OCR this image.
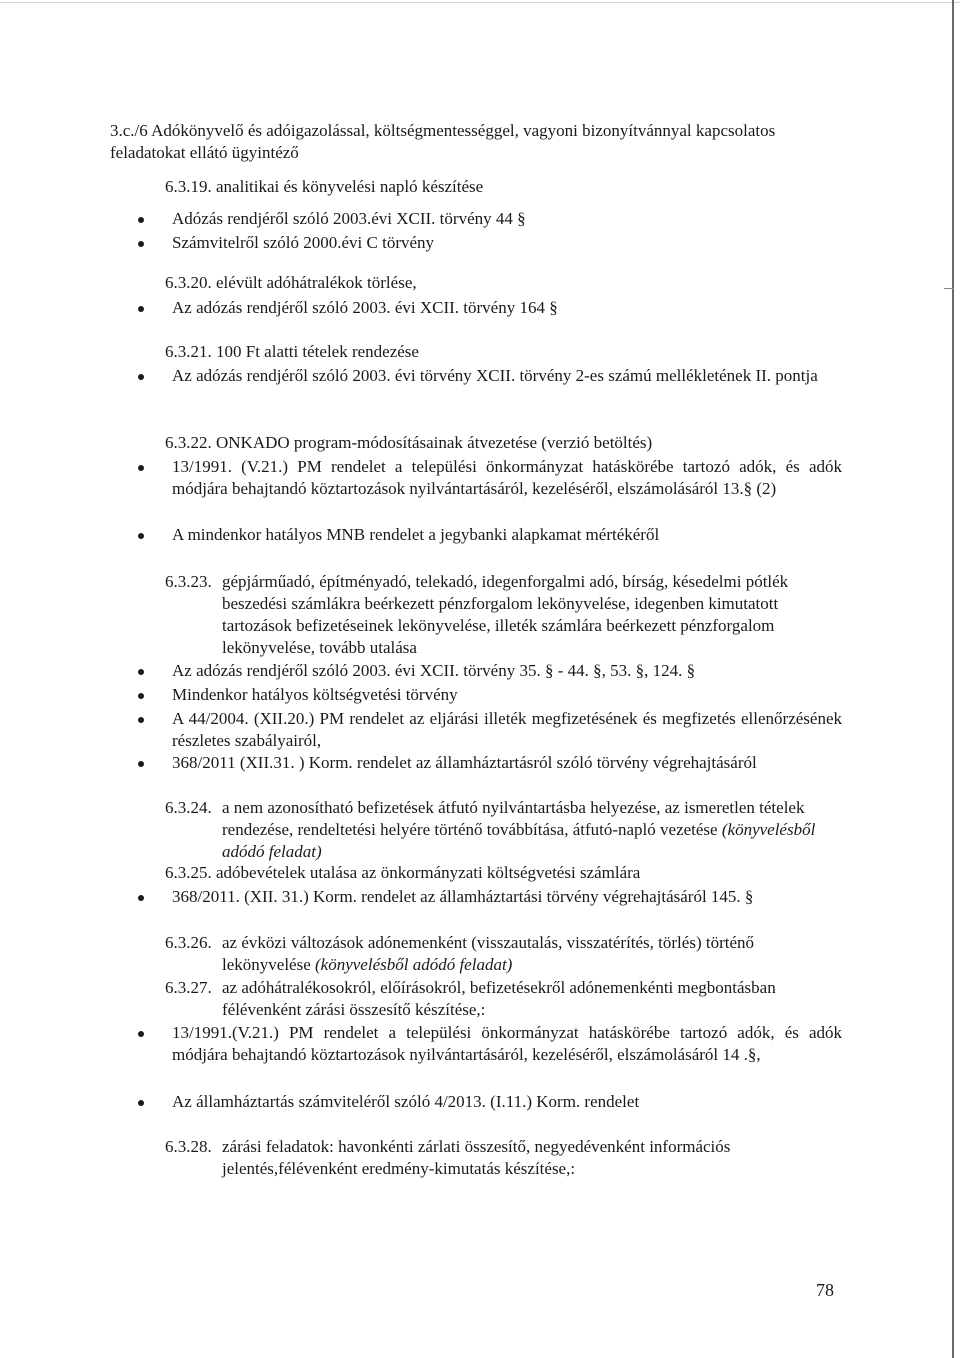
3.c./6 Adókönyvelő és adóigazolással, költségmentességgel, vagyoni bizonyítvánnyal kapcsolatos feladatokat ellátó ügyintéző
6.3.19. analitikai és könyvelési napló készítése
Adózás rendjéről szóló 2003.évi XCII. törvény 44 §
Számvitelről szóló 2000.évi C törvény
6.3.20. elévült adóhátralékok törlése,
Az adózás rendjéről szóló 2003. évi XCII. törvény 164 §
6.3.21. 100 Ft alatti tételek rendezése
Az adózás rendjéről szóló 2003. évi törvény XCII. törvény 2-es számú mellékletének II. pontja
6.3.22. ONKADO program-módosításainak átvezetése (verzió betöltés)
13/1991. (V.21.) PM rendelet a települési önkormányzat hatáskörébe tartozó adók, és adók módjára behajtandó köztartozások nyilvántartásáról, kezeléséről, elszámolásáról 13.§ (2)
A mindenkor hatályos MNB rendelet a jegybanki alapkamat mértékéről
6.3.23. gépjárműadó, építményadó, telekadó, idegenforgalmi adó, bírság, késedelmi pótlék beszedési számlákra beérkezett pénzforgalom lekönyvelése, idegenben kimutatott tartozások befizetéseinek lekönyvelése, illeték számlára beérkezett pénzforgalom lekönyvelése, tovább utalása
Az adózás rendjéről szóló 2003. évi XCII. törvény 35. § - 44. §, 53. §, 124. §
Mindenkor hatályos költségvetési törvény
A 44/2004. (XII.20.) PM rendelet az eljárási illeték megfizetésének és megfizetés ellenőrzésének részletes szabályairól,
368/2011 (XII.31. ) Korm. rendelet az államháztartásról szóló törvény végrehajtásáról
6.3.24. a nem azonosítható befizetések átfutó nyilvántartásba helyezése, az ismeretlen tételek rendezése, rendeltetési helyére történő továbbítása, átfutó-napló vezetése (könyvelésből adódó feladat)
6.3.25. adóbevételek utalása az önkormányzati költségvetési számlára
368/2011. (XII. 31.) Korm. rendelet az államháztartási törvény végrehajtásáról 145. §
6.3.26. az évközi változások adónemenként (visszautalás, visszatérítés, törlés) történő lekönyvelése (könyvelésből adódó feladat)
6.3.27. az adóhátralékosokról, előírásokról, befizetésekről adónemenkénti megbontásban félévenként zárási összesítő készítése,:
13/1991.(V.21.) PM rendelet a települési önkormányzat hatáskörébe tartozó adók, és adók módjára behajtandó köztartozások nyilvántartásáról, kezeléséről, elszámolásáról 14 .§,
Az államháztartás számviteléről szóló 4/2013. (I.11.) Korm. rendelet
6.3.28. zárási feladatok: havonkénti zárlati összesítő, negyedévenként információs jelentés,félévenként eredmény-kimutatás készítése,:
78
